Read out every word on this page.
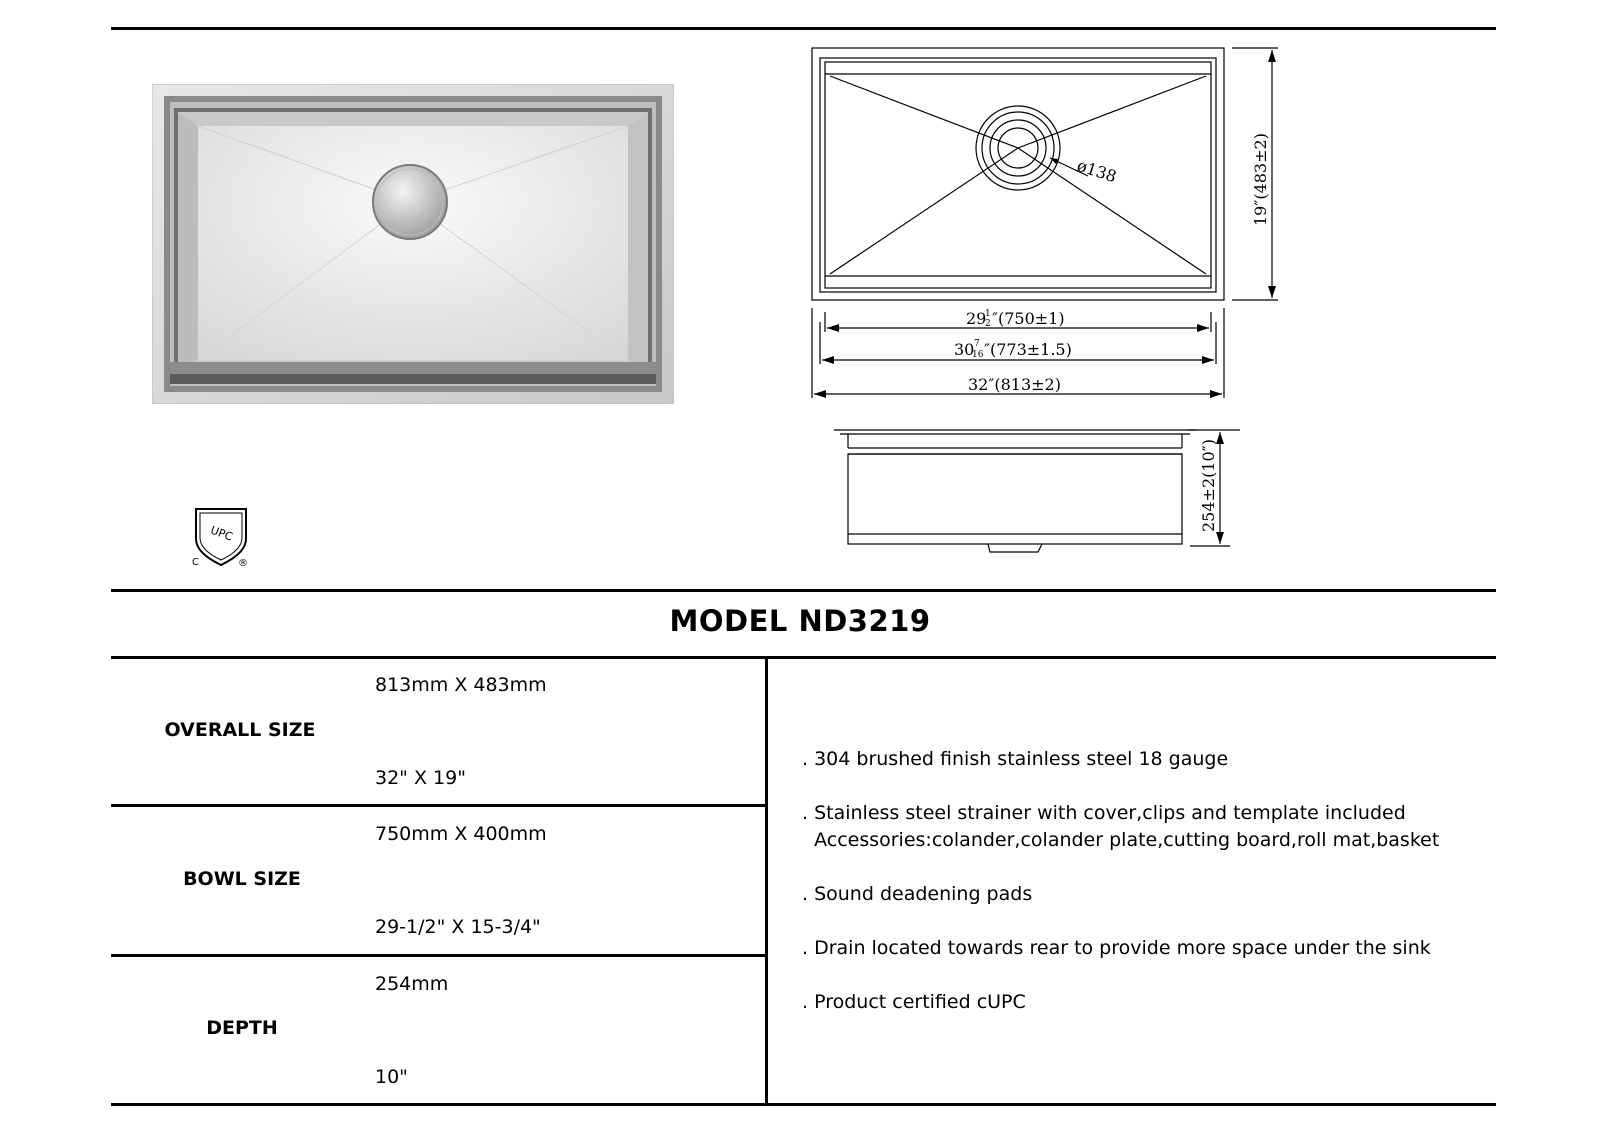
UPC
C	®
ø138	19″(483±2)
29
1
2 ″(750±1)
30 7
16 ″(773±1.5)
32″(813±2)
254±2(10″)
MODEL ND3219
OVERALL SIZE
813mm X 483mm
32" X 19"
BOWL SIZE
750mm X 400mm
29-1/2" X 15-3/4"
DEPTH
254mm
10"
. 304 brushed finish stainless steel 18 gauge
. Stainless steel strainer with cover,clips and template included
Accessories:colander,colander plate,cutting board,roll mat,basket
. Sound deadening pads
. Drain located towards rear to provide more space under the sink
. Product certified cUPC
